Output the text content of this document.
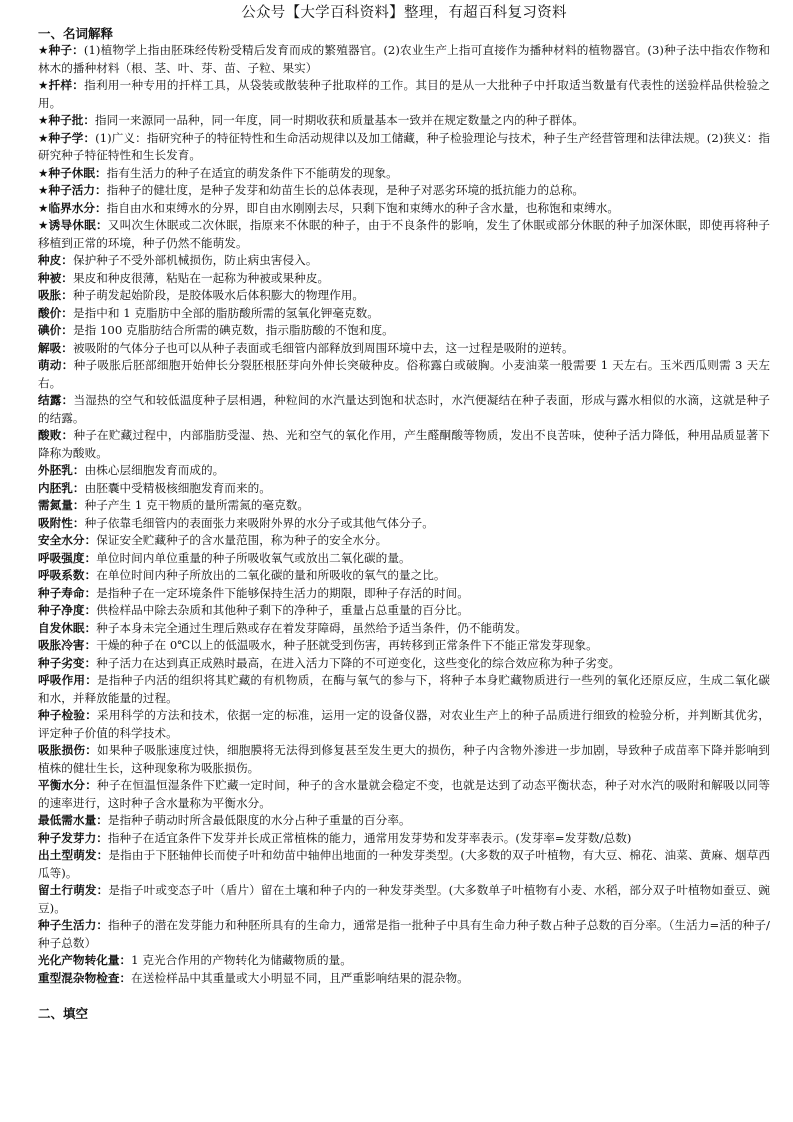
公众号【大学百科资料】整理，有超百科复习资料
一、名词解释

★种子：(1)植物学上指由胚珠经传粉受精后发育而成的繁殖器官。(2)农业生产上指可直接作为播种材料的植物器官。(3)种子法中指农作物和林木的播种材料（根、茎、叶、芽、苗、子粒、果实）

★扦样：指利用一种专用的扦样工具，从袋装或散装种子批取样的工作。其目的是从一大批种子中扦取适当数量有代表性的送验样品供检验之用。

★种子批：指同一来源同一品种，同一年度，同一时期收获和质量基本一致并在规定数量之内的种子群体。

★种子学：(1)广义：指研究种子的特征特性和生命活动规律以及加工储藏，种子检验理论与技术，种子生产经营管理和法律法规。(2)狭义：指研究种子特征特性和生长发育。

★种子休眠：指有生活力的种子在适宜的萌发条件下不能萌发的现象。

★种子活力：指种子的健壮度，是种子发芽和幼苗生长的总体表现，是种子对恶劣环境的抵抗能力的总称。

★临界水分：指自由水和束缚水的分界，即自由水刚刚去尽，只剩下饱和束缚水的种子含水量，也称饱和束缚水。

★诱导休眠：又叫次生休眠或二次休眠，指原来不休眠的种子，由于不良条件的影响，发生了休眠或部分休眠的种子加深休眠，即使再将种子移植到正常的环境，种子仍然不能萌发。

种皮：保护种子不受外部机械损伤，防止病虫害侵入。

种被：果皮和种皮很薄，粘贴在一起称为种被或果种皮。

吸胀：种子萌发起始阶段，是胶体吸水后体积膨大的物理作用。

酸价：是指中和 1 克脂肪中全部的脂肪酸所需的氢氧化钾毫克数。

碘价：是指 100 克脂肪结合所需的碘克数，指示脂肪酸的不饱和度。

解吸：被吸附的气体分子也可以从种子表面或毛细管内部释放到周围环境中去，这一过程是吸附的逆转。

萌动：种子吸胀后胚部细胞开始伸长分裂胚根胚芽向外伸长突破种皮。俗称露白或破胸。小麦油菜一般需要 1 天左右。玉米西瓜则需 3 天左右。

结露：当湿热的空气和较低温度种子层相遇，种粒间的水汽量达到饱和状态时，水汽便凝结在种子表面，形成与露水相似的水滴，这就是种子的结露。

酸败：种子在贮藏过程中，内部脂肪受湿、热、光和空气的氧化作用，产生醛酮酸等物质，发出不良苦味，使种子活力降低，种用品质显著下降称为酸败。

外胚乳：由株心层细胞发育而成的。

内胚乳：由胚囊中受精极核细胞发育而来的。

需氮量：种子产生 1 克干物质的量所需氮的毫克数。

吸附性：种子依靠毛细管内的表面张力来吸附外界的水分子或其他气体分子。

安全水分：保证安全贮藏种子的含水量范围，称为种子的安全水分。

呼吸强度：单位时间内单位重量的种子所吸收氧气或放出二氧化碳的量。

呼吸系数：在单位时间内种子所放出的二氧化碳的量和所吸收的氧气的量之比。

种子寿命：是指种子在一定环境条件下能够保持生活力的期限，即种子存活的时间。

种子净度：供检样品中除去杂质和其他种子剩下的净种子，重量占总重量的百分比。

自发休眠：种子本身未完全通过生理后熟或存在着发芽障碍，虽然给予适当条件，仍不能萌发。

吸胀冷害：干燥的种子在 0℃以上的低温吸水，种子胚就受到伤害，再转移到正常条件下不能正常发芽现象。

种子劣变：种子活力在达到真正成熟时最高，在进入活力下降的不可逆变化，这些变化的综合效应称为种子劣变。

呼吸作用：是指种子内活的组织将其贮藏的有机物质，在酶与氧气的参与下，将种子本身贮藏物质进行一些列的氧化还原反应，生成二氧化碳和水，并释放能量的过程。

种子检验：采用科学的方法和技术，依据一定的标准，运用一定的设备仪器，对农业生产上的种子品质进行细致的检验分析，并判断其优劣，评定种子价值的科学技术。

吸胀损伤：如果种子吸胀速度过快，细胞膜将无法得到修复甚至发生更大的损伤，种子内含物外渗进一步加剧，导致种子成苗率下降并影响到植株的健壮生长，这种现象称为吸胀损伤。

平衡水分：种子在恒温恒湿条件下贮藏一定时间，种子的含水量就会稳定不变，也就是达到了动态平衡状态，种子对水汽的吸附和解吸以同等的速率进行，这时种子含水量称为平衡水分。

最低需水量：是指种子萌动时所含最低限度的水分占种子重量的百分率。

种子发芽力：指种子在适宜条件下发芽并长成正常植株的能力，通常用发芽势和发芽率表示。(发芽率=发芽数/总数)

出土型萌发：是指由于下胚轴伸长而使子叶和幼苗中轴伸出地面的一种发芽类型。(大多数的双子叶植物，有大豆、棉花、油菜、黄麻、烟草西瓜等)。

留土行萌发：是指子叶或变态子叶（盾片）留在土壤和种子内的一种发芽类型。(大多数单子叶植物有小麦、水稻，部分双子叶植物如蚕豆、豌豆)。

种子生活力：指种子的潜在发芽能力和种胚所具有的生命力，通常是指一批种子中具有生命力种子数占种子总数的百分率。（生活力=活的种子/种子总数）

光化产物转化量：1 克光合作用的产物转化为储藏物质的量。

重型混杂物检查：在送检样品中其重量或大小明显不同，且严重影响结果的混杂物。

二、填空
